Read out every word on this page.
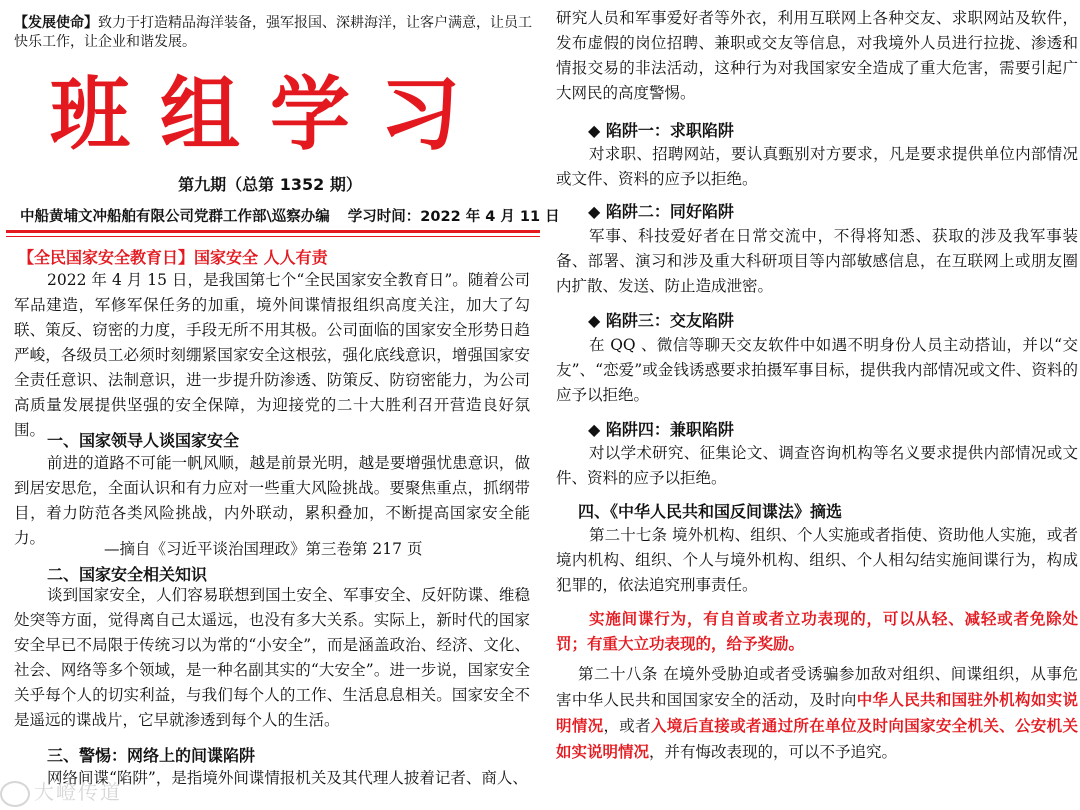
【发展使命】致力于打造精品海洋装备，强军报国、深耕海洋，让客户满意，让员工快乐工作，让企业和谐发展。
班组学习
第九期（总第 1352 期）
中船黄埔文冲船舶有限公司党群工作部\巡察办编 学习时间：2022 年 4 月 11 日
【全民国家安全教育日】国家安全 人人有责

2022 年 4 月 15 日，是我国第七个“全民国家安全教育日”。随着公司军品建造，军修军保任务的加重，境外间谍情报组织高度关注，加大了勾联、策反、窃密的力度，手段无所不用其极。公司面临的国家安全形势日趋严峻，各级员工必须时刻绷紧国家安全这根弦，强化底线意识，增强国家安全责任意识、法制意识，进一步提升防渗透、防策反、防窃密能力，为公司高质量发展提供坚强的安全保障，为迎接党的二十大胜利召开营造良好氛围。

一、国家领导人谈国家安全

前进的道路不可能一帆风顺，越是前景光明，越是要增强忧患意识，做到居安思危，全面认识和有力应对一些重大风险挑战。要聚焦重点，抓纲带目，着力防范各类风险挑战，内外联动，累积叠加，不断提高国家安全能力。

—摘自《习近平谈治国理政》第三卷第 217 页
二、国家安全相关知识

谈到国家安全，人们容易联想到国土安全、军事安全、反奸防谍、维稳处突等方面，觉得离自己太遥远，也没有多大关系。实际上，新时代的国家安全早已不局限于传统习以为常的“小安全”，而是涵盖政治、经济、文化、社会、网络等多个领域，是一种名副其实的“大安全”。进一步说，国家安全关乎每个人的切实利益，与我们每个人的工作、生活息息相关。国家安全不是遥远的谍战片，它早就渗透到每个人的生活。

三、警惕：网络上的间谍陷阱

网络间谍“陷阱”，是指境外间谍情报机关及其代理人披着记者、商人、

大嶝传道

研究人员和军事爱好者等外衣，利用互联网上各种交友、求职网站及软件，发布虚假的岗位招聘、兼职或交友等信息，对我境外人员进行拉拢、渗透和情报交易的非法活动，这种行为对我国家安全造成了重大危害，需要引起广大网民的高度警惕。

◆ 陷阱一：求职陷阱

对求职、招聘网站，要认真甄别对方要求，凡是要求提供单位内部情况或文件、资料的应予以拒绝。

◆ 陷阱二：同好陷阱

军事、科技爱好者在日常交流中，不得将知悉、获取的涉及我军事装备、部署、演习和涉及重大科研项目等内部敏感信息，在互联网上或朋友圈内扩散、发送、防止造成泄密。

◆ 陷阱三：交友陷阱

在 QQ 、微信等聊天交友软件中如遇不明身份人员主动搭讪，并以“交友”、“恋爱”或金钱诱惑要求拍摄军事目标，提供我内部情况或文件、资料的应予以拒绝。

◆ 陷阱四：兼职陷阱

对以学术研究、征集论文、调查咨询机构等名义要求提供内部情况或文件、资料的应予以拒绝。

四、《中华人民共和国反间谍法》摘选

第二十七条 境外机构、组织、个人实施或者指使、资助他人实施，或者境内机构、组织、个人与境外机构、组织、个人相勾结实施间谍行为，构成犯罪的，依法追究刑事责任。

实施间谍行为，有自首或者立功表现的，可以从轻、减轻或者免除处罚；有重大立功表现的，给予奖励。

第二十八条 在境外受胁迫或者受诱骗参加敌对组织、间谍组织，从事危害中华人民共和国国家安全的活动，及时向中华人民共和国驻外机构如实说明情况，或者入境后直接或者通过所在单位及时向国家安全机关、公安机关如实说明情况，并有悔改表现的，可以不予追究。
